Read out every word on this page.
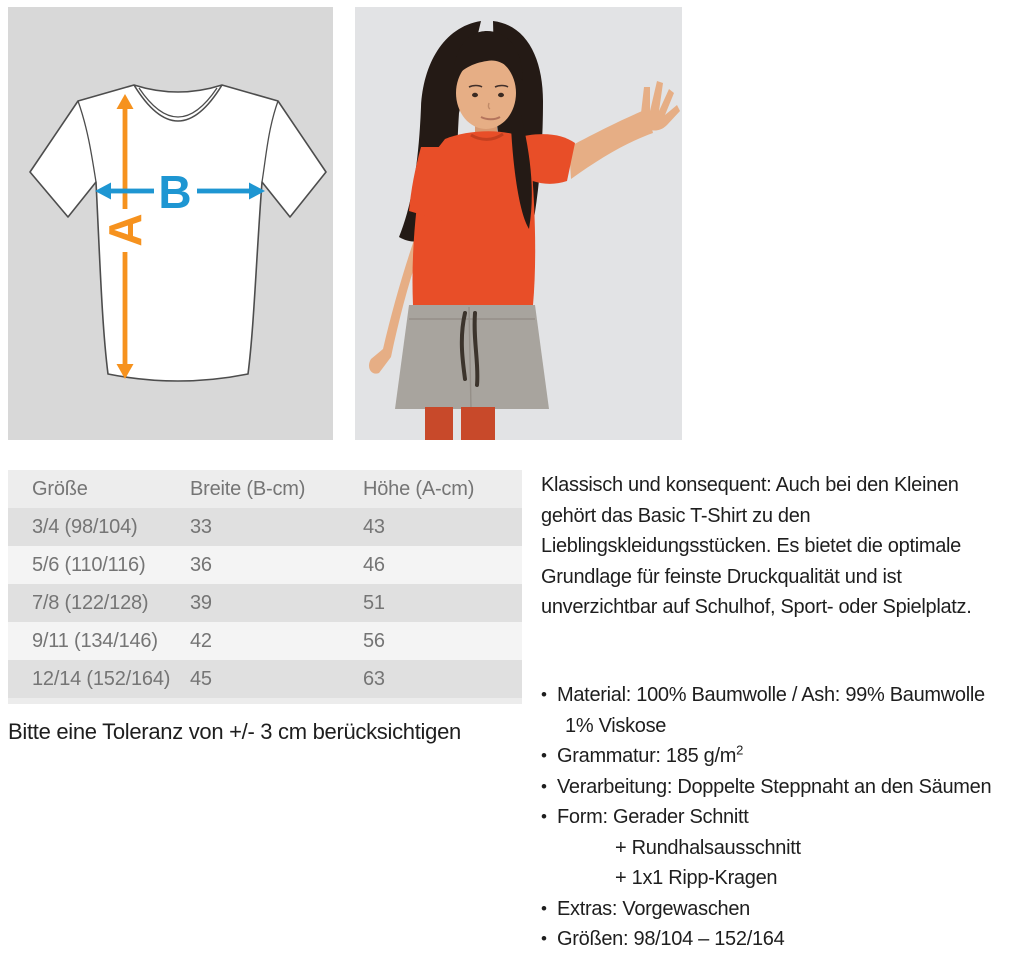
A
B
Größe	Breite (B-cm)	Höhe (A-cm)
3/4 (98/104)	33	43
5/6 (110/116)	36	46
7/8 (122/128)	39	51
9/11 (134/146)	42	56
12/14 (152/164) 45	63
Bitte eine Toleranz von +/- 3 cm berücksichtigen
Klassisch und konsequent: Auch bei den Kleinen
gehört das Basic T-Shirt zu den
Lieblingskleidungsstücken. Es bietet die optimale
Grundlage für feinste Druckqualität und ist
unverzichtbar auf Schulhof, Sport- oder Spielplatz.
• Material: 100% Baumwolle / Ash: 99% Baumwolle
1% Viskose
• Grammatur: 185 $g/m^2$
• Verarbeitung: Doppelte Steppnaht an den Säumen
• Form: Gerader Schnitt
+ Rundhalsausschnitt
+ 1x1 Ripp-Kragen
• Extras: Vorgewaschen
• Größen: 98/104 – 152/164
